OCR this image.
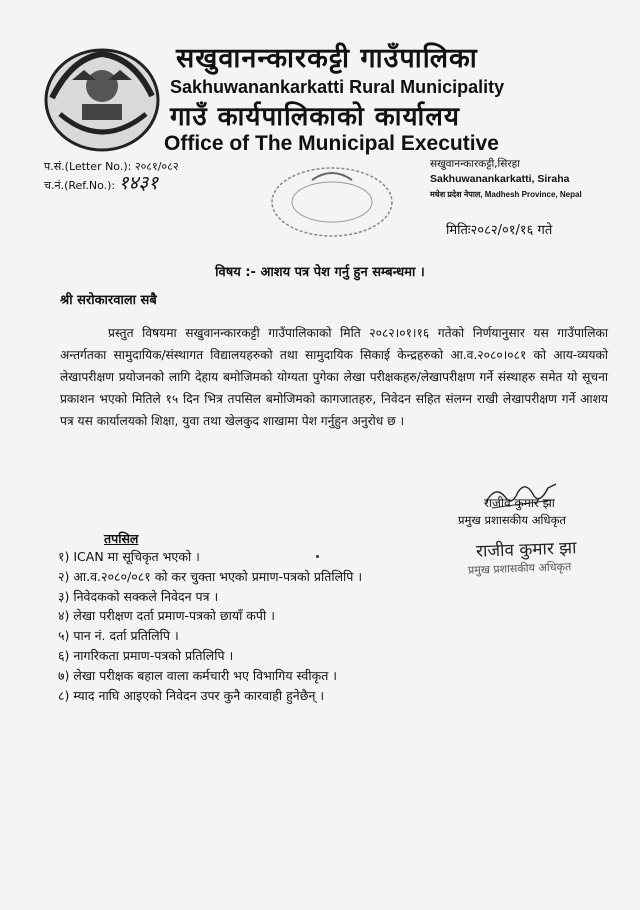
सखुवानन्कारकट्टी गाउँपालिका
Sakhuwanankarkatti Rural Municipality
गाउँ कार्यपालिकाको कार्यालय
Office of The Municipal Executive
प.सं.(Letter No.): २०८१/०८२
च.नं.(Ref.No.): १४३१
सखुवानन्कारकट्टी,सिरहा
Sakhuwanankarkatti, Siraha
मधेश प्रदेश नेपाल, Madhesh Province, Nepal
मितिः२०८२/०१/१६ गते
विषय :- आशय पत्र पेश गर्नु हुन सम्बन्धमा ।
श्री सरोकारवाला सबै
प्रस्तुत विषयमा सखुवानन्कारकट्टी गाउँपालिकाको मिति २०८२।०१।१६ गतेको निर्णयानुसार यस गाउँपालिका अन्तर्गतका सामुदायिक/संस्थागत विद्यालयहरुको तथा सामुदायिक सिकाई केन्द्रहरुको आ.व.२०८०।०८१ को आय-व्ययको लेखापरीक्षण प्रयोजनको लागि देहाय बमोजिमको योग्यता पुगेका लेखा परीक्षकहरु/लेखापरीक्षण गर्ने संस्थाहरु समेत यो सूचना प्रकाशन भएको मितिले १५ दिन भित्र तपसिल बमोजिमको कागजातहरु, निवेदन सहित संलग्न राखी लेखापरीक्षण गर्ने आशय पत्र यस कार्यालयको शिक्षा, युवा तथा खेलकुद शाखामा पेश गर्नुहुन अनुरोध छ ।
राजीव कुमार झा
प्रमुख प्रशासकीय अधिकृत
तपसिल	राजीव कुमार झा
प्रमुख प्रशासकीय अधिकृत
१) ICAN मा सूचिकृत भएको ।
२) आ.व.२०८०/०८१ को कर चुक्ता भएको प्रमाण-पत्रको प्रतिलिपि ।
३) निवेदकको सक्कले निवेदन पत्र ।
४) लेखा परीक्षण दर्ता प्रमाण-पत्रको छायाँ कपी ।
५) पान नं. दर्ता प्रतिलिपि ।
६) नागरिकता प्रमाण-पत्रको प्रतिलिपि ।
७) लेखा परीक्षक बहाल वाला कर्मचारी भए विभागिय स्वीकृत ।
८) म्याद नाघि आइएको निवेदन उपर कुनै कारवाही हुनेछैन् ।
